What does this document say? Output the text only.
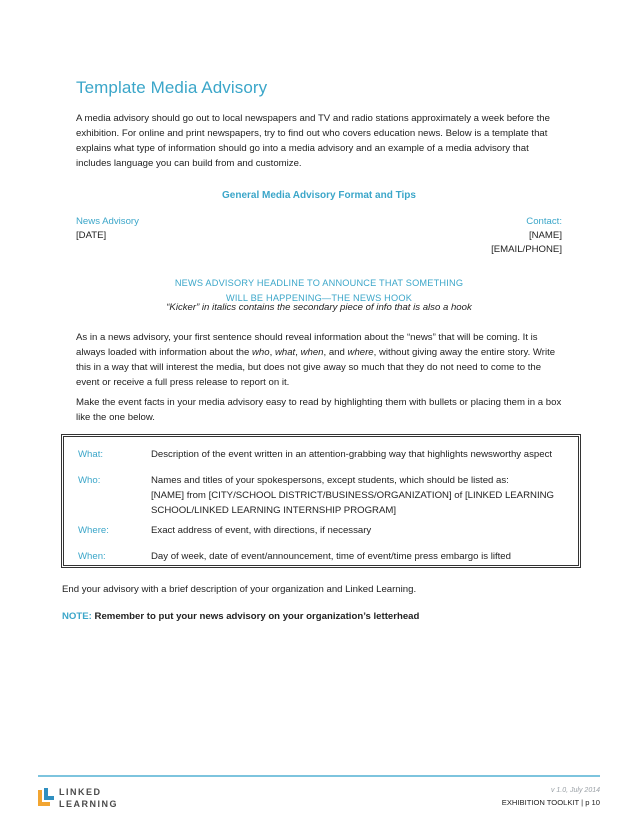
Template Media Advisory
A media advisory should go out to local newspapers and TV and radio stations approximately a week before the
exhibition. For online and print newspapers, try to find out who covers education news. Below is a template that
explains what type of information should go into a media advisory and an example of a media advisory that
includes language you can build from and customize.
General Media Advisory Format and Tips
News Advisory
[DATE]
Contact:
[NAME]
[EMAIL/PHONE]
NEWS ADVISORY HEADLINE TO ANNOUNCE THAT SOMETHING
WILL BE HAPPENING—THE NEWS HOOK
“Kicker” in italics contains the secondary piece of info that is also a hook
As in a news advisory, your first sentence should reveal information about the “news” that will be coming. It is always loaded with information about the who, what, when, and where, without giving away the entire story. Write this in a way that will interest the media, but does not give away so much that they do not need to come to the event or receive a full press release to report on it.
Make the event facts in your media advisory easy to read by highlighting them with bullets or placing them in a box
like the one below.
What:	Description of the event written in an attention-grabbing way that highlights newsworthy aspect
Who:	Names and titles of your spokespersons, except students, which should be listed as:
[NAME] from [CITY/SCHOOL DISTRICT/BUSINESS/ORGANIZATION] of [LINKED LEARNING
SCHOOL/LINKED LEARNING INTERNSHIP PROGRAM]
Where:	Exact address of event, with directions, if necessary
When:	Day of week, date of event/announcement, time of event/time press embargo is lifted
End your advisory with a brief description of your organization and Linked Learning.
NOTE: Remember to put your news advisory on your organization’s letterhead
LINKED
LEARNING
v 1.0, July 2014
EXHIBITION TOOLKIT | p 10
